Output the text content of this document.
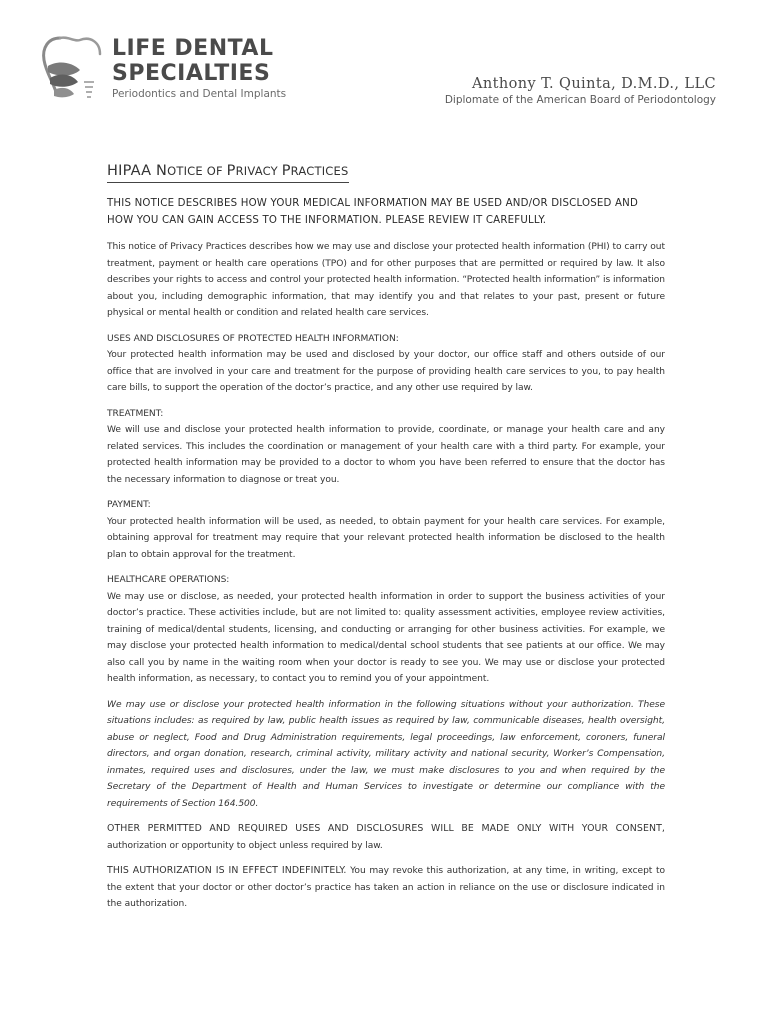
LIFE DENTAL
SPECIALTIES
Periodontics and Dental Implants
Anthony T. Quinta, D.M.D., LLC
Diplomate of the American Board of Periodontology
HIPAA NOTICE OF PRIVACY PRACTICES

THIS NOTICE DESCRIBES HOW YOUR MEDICAL INFORMATION MAY BE USED AND/OR DISCLOSED AND HOW YOU CAN GAIN ACCESS TO THE INFORMATION. PLEASE REVIEW IT CAREFULLY.

This notice of Privacy Practices describes how we may use and disclose your protected health information (PHI) to carry out treatment, payment or health care operations (TPO) and for other purposes that are permitted or required by law. It also describes your rights to access and control your protected health information. “Protected health information” is information about you, including demographic information, that may identify you and that relates to your past, present or future physical or mental health or condition and related health care services.

USES AND DISCLOSURES OF PROTECTED HEALTH INFORMATION:
Your protected health information may be used and disclosed by your doctor, our office staff and others outside of our office that are involved in your care and treatment for the purpose of providing health care services to you, to pay health care bills, to support the operation of the doctor’s practice, and any other use required by law.

TREATMENT:
We will use and disclose your protected health information to provide, coordinate, or manage your health care and any related services. This includes the coordination or management of your health care with a third party. For example, your protected health information may be provided to a doctor to whom you have been referred to ensure that the doctor has the necessary information to diagnose or treat you.

PAYMENT:
Your protected health information will be used, as needed, to obtain payment for your health care services. For example, obtaining approval for treatment may require that your relevant protected health information be disclosed to the health plan to obtain approval for the treatment.

HEALTHCARE OPERATIONS:
We may use or disclose, as needed, your protected health information in order to support the business activities of your doctor’s practice. These activities include, but are not limited to: quality assessment activities, employee review activities, training of medical/dental students, licensing, and conducting or arranging for other business activities. For example, we may disclose your protected health information to medical/dental school students that see patients at our office. We may also call you by name in the waiting room when your doctor is ready to see you. We may use or disclose your protected health information, as necessary, to contact you to remind you of your appointment.

We may use or disclose your protected health information in the following situations without your authorization. These situations includes: as required by law, public health issues as required by law, communicable diseases, health oversight, abuse or neglect, Food and Drug Administration requirements, legal proceedings, law enforcement, coroners, funeral directors, and organ donation, research, criminal activity, military activity and national security, Worker’s Compensation, inmates, required uses and disclosures, under the law, we must make disclosures to you and when required by the Secretary of the Department of Health and Human Services to investigate or determine our compliance with the requirements of Section 164.500.

OTHER PERMITTED AND REQUIRED USES AND DISCLOSURES WILL BE MADE ONLY WITH YOUR CONSENT, authorization or opportunity to object unless required by law.

THIS AUTHORIZATION IS IN EFFECT INDEFINITELY. You may revoke this authorization, at any time, in writing, except to the extent that your doctor or other doctor’s practice has taken an action in reliance on the use or disclosure indicated in the authorization.
